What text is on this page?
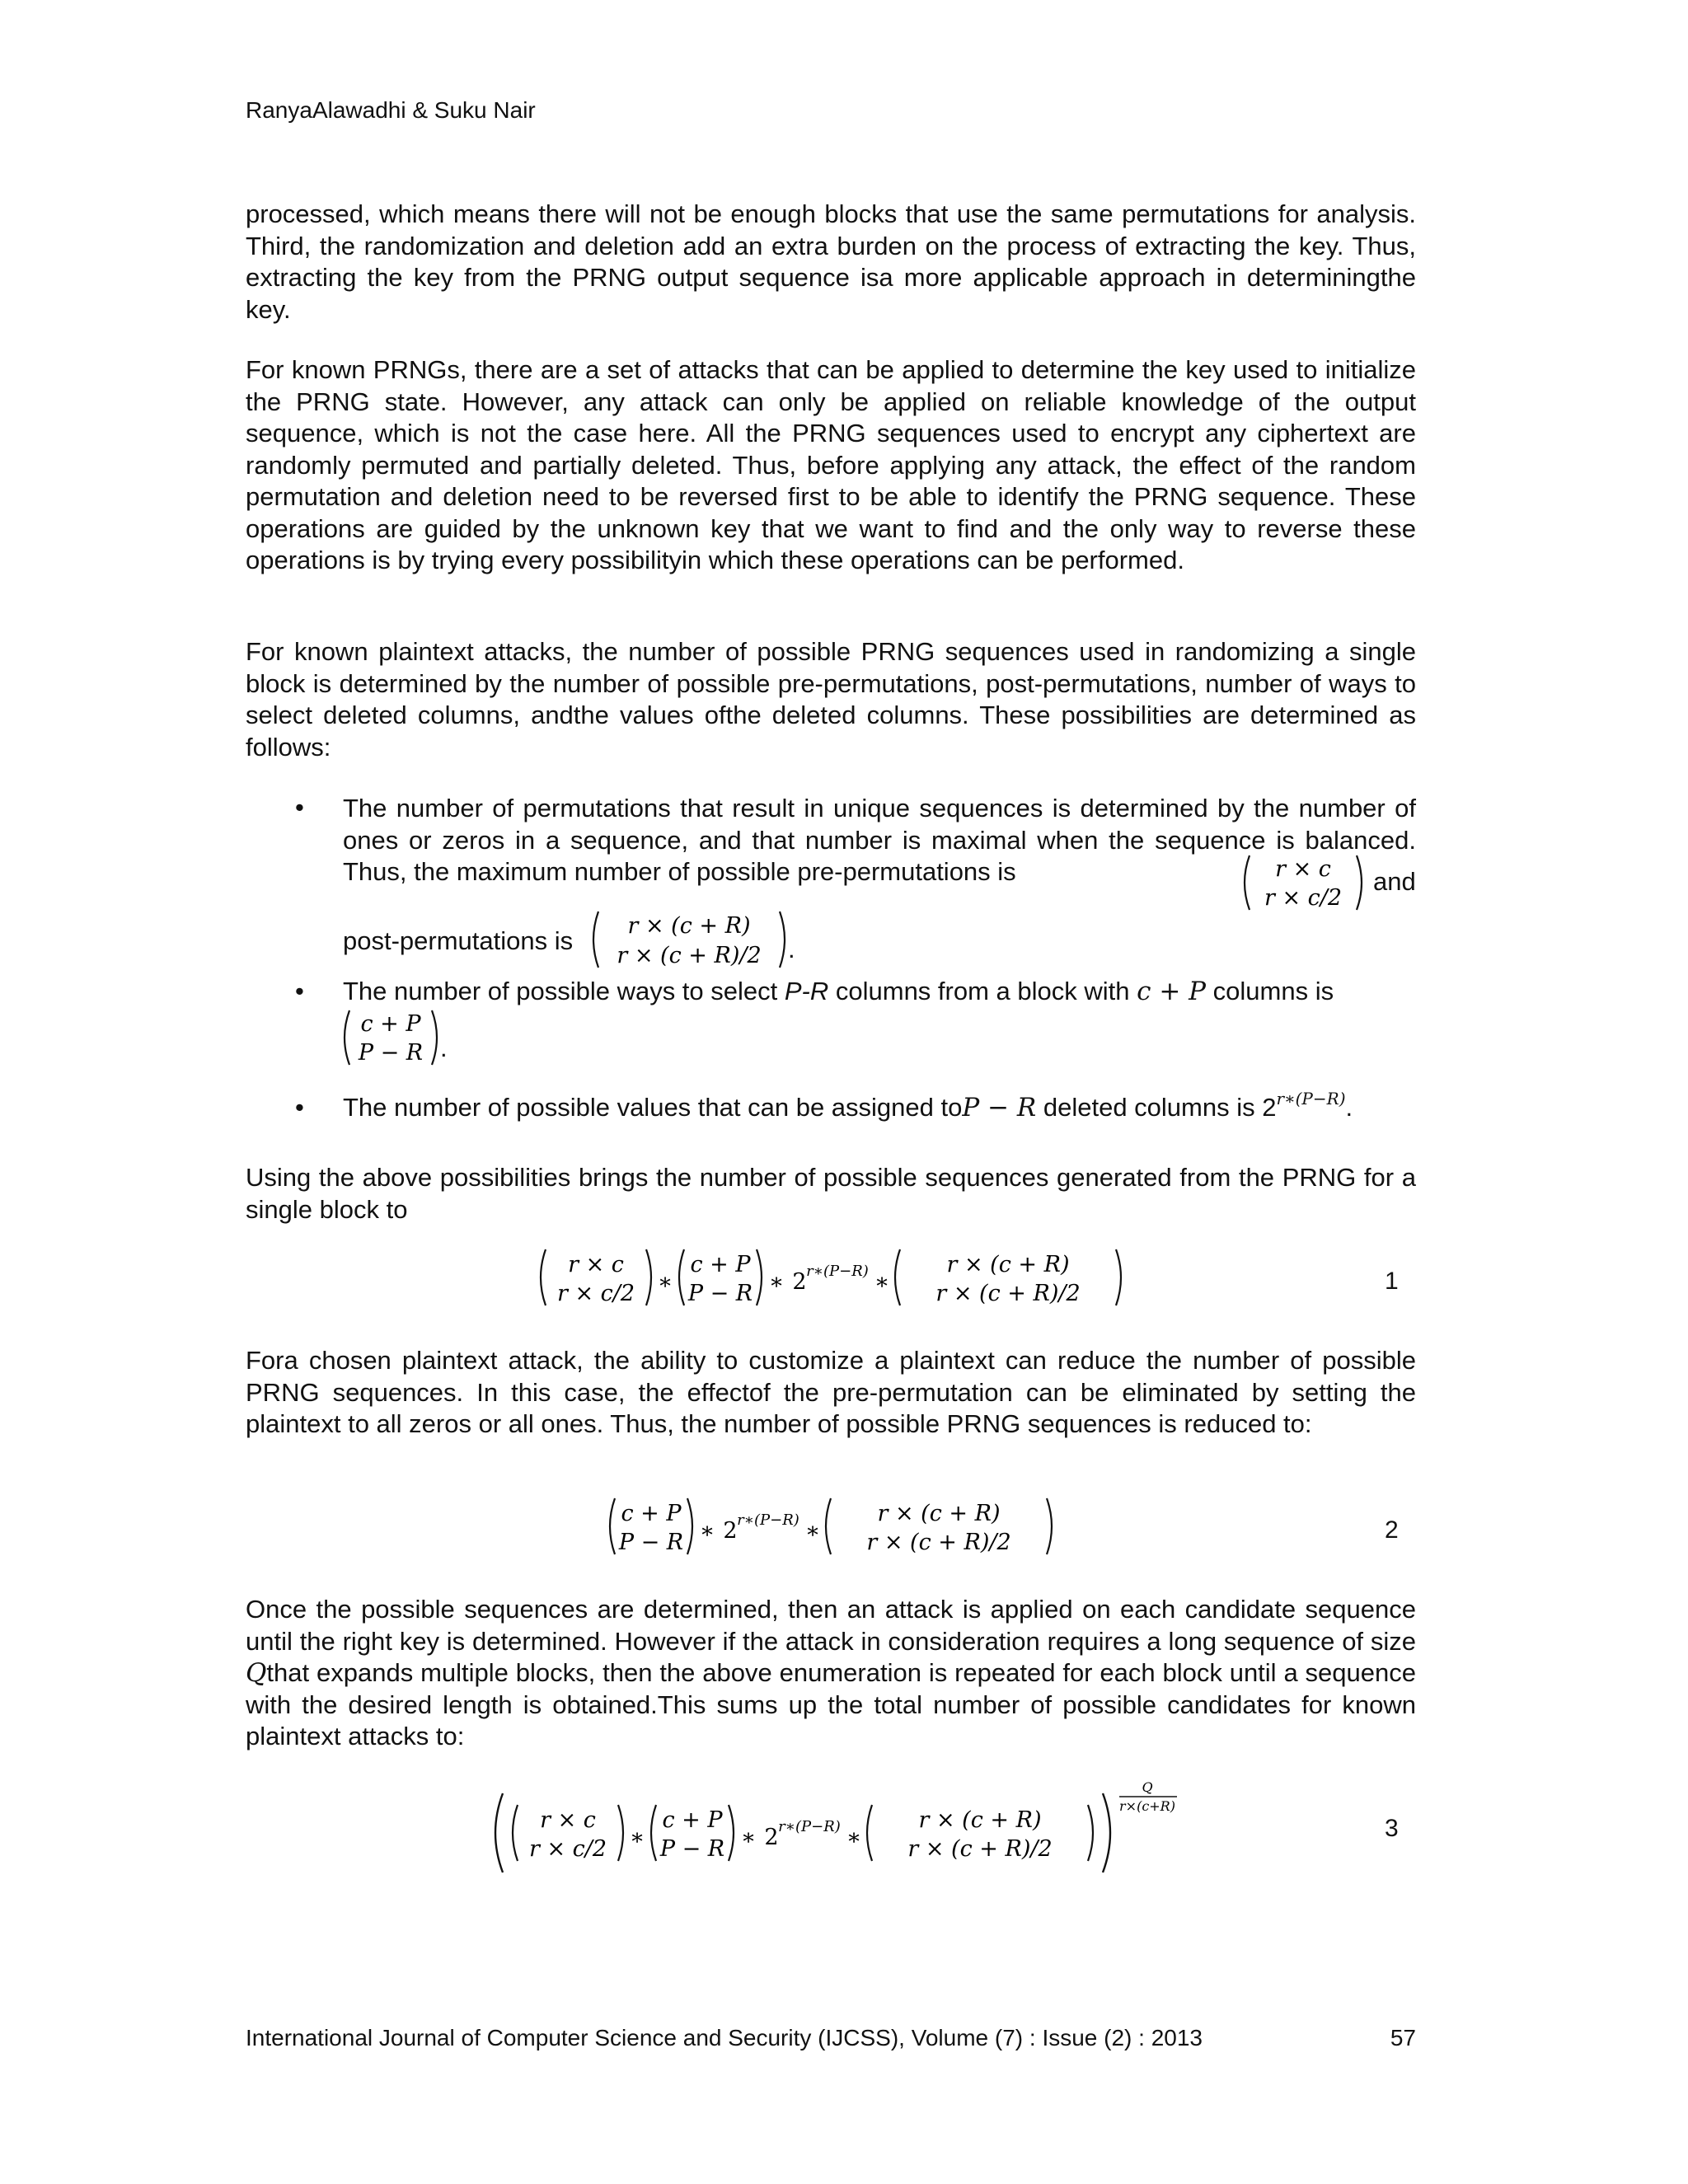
RanyaAlawadhi & Suku Nair
processed, which means there will not be enough blocks that use the same permutations for analysis. Third, the randomization and deletion add an extra burden on the process of extracting the key. Thus, extracting the key from the PRNG output sequence isa more applicable approach in determiningthe key.
For known PRNGs, there are a set of attacks that can be applied to determine the key used to initialize the PRNG state. However, any attack can only be applied on reliable knowledge of the output sequence, which is not the case here. All the PRNG sequences used to encrypt any ciphertext are randomly permuted and partially deleted. Thus, before applying any attack, the effect of the random permutation and deletion need to be reversed first to be able to identify the PRNG sequence. These operations are guided by the unknown key that we want to find and the only way to reverse these operations is by trying every possibilityin which these operations can be performed.
For known plaintext attacks, the number of possible PRNG sequences used in randomizing a single block is determined by the number of possible pre-permutations, post-permutations, number of ways to select deleted columns, andthe values ofthe deleted columns. These possibilities are determined as follows:
• The number of permutations that result in unique sequences is determined by the number of ones or zeros in a sequence, and that number is maximal when the sequence is balanced. Thus, the maximum number of possible pre-permutations is	r × c
r × c/2
and
post-permutations is
r × (c + R)
r × (c + R)/2 .
• The number of possible ways to select P-R columns from a block with c + P columns is
c + P
P − R .
• The number of possible values that can be assigned toP − R deleted columns is $2^{r∗(P-R)}$.
Using the above possibilities brings the number of possible sequences generated from the PRNG for a single block to
r × c
r × c/2 ∗
c + P
P − R ∗ 2 r∗(P−R) ∗
r × (c + R)
r × (c + R)/2	1
Fora chosen plaintext attack, the ability to customize a plaintext can reduce the number of possible PRNG sequences. In this case, the effectof the pre-permutation can be eliminated by setting the plaintext to all zeros or all ones. Thus, the number of possible PRNG sequences is reduced to:
c + P
P − R ∗ 2 r∗(P−R) ∗
r × (c + R)
r × (c + R)/2	2
Once the possible sequences are determined, then an attack is applied on each candidate sequence until the right key is determined. However if the attack in consideration requires a long sequence of size Qthat expands multiple blocks, then the above enumeration is repeated for each block until a sequence with the desired length is obtained.This sums up the total number of possible candidates for known plaintext attacks to:
r × c
r × c/2 ∗
c + P
P − R ∗ 2 r∗(P−R) ∗
r × (c + R)
r × (c + R)/2
Q
r×(c+R)
3
International Journal of Computer Science and Security (IJCSS), Volume (7) : Issue (2) : 2013	57
